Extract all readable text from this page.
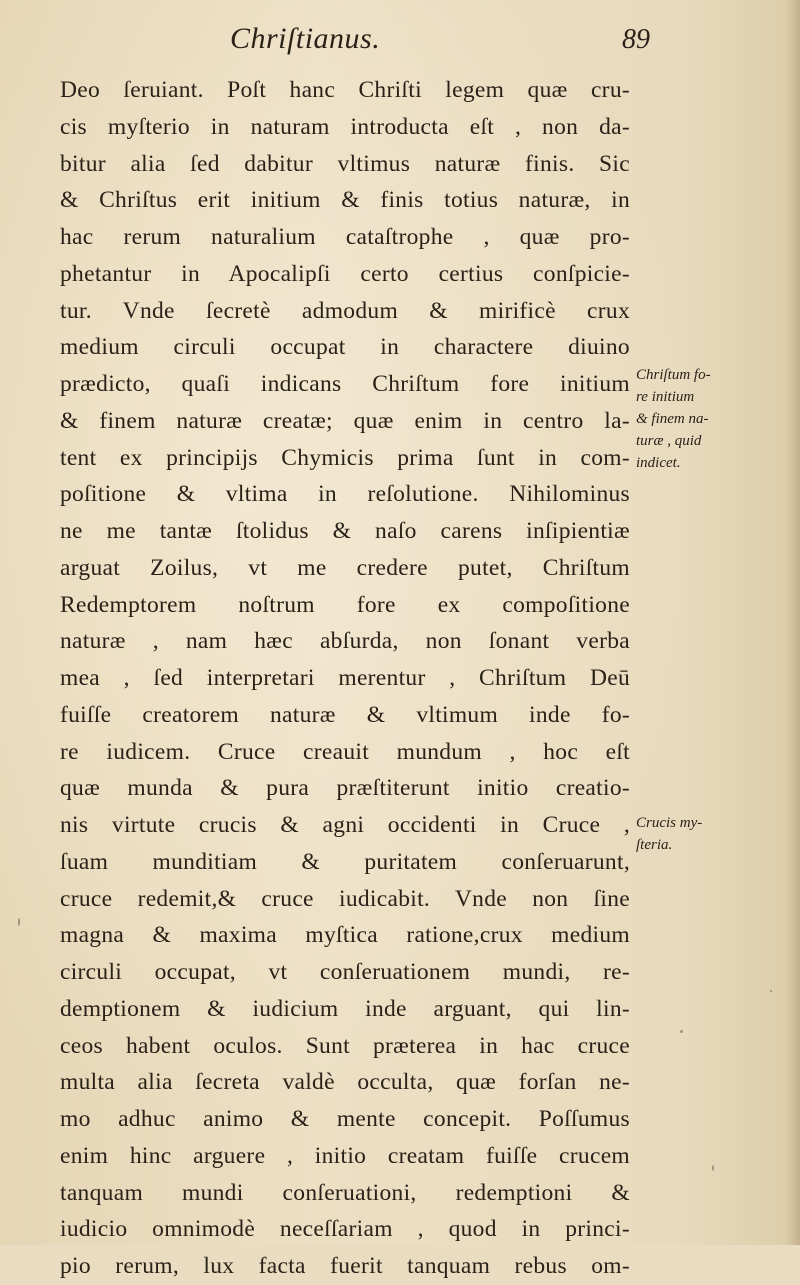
Chriſtianus.	89
Deo ſeruiant. Poſt hanc Chriſti legem quæ cru-
cis myſterio in naturam introducta eſt , non da-
bitur alia ſed dabitur vltimus naturæ finis. Sic
& Chriſtus erit initium & finis totius naturæ, in
hac rerum naturalium cataſtrophe , quæ pro-
phetantur in Apocalipſi certo certius conſpicie-
tur. Vnde ſecretè admodum & mirificè crux
medium circuli occupat in charactere diuino
prædicto, quaſi indicans Chriſtum fore initium
& finem naturæ creatæ; quæ enim in centro la-
tent ex principijs Chymicis prima ſunt in com-
poſitione & vltima in reſolutione. Nihilominus
ne me tantæ ſtolidus & naſo carens inſipientiæ
arguat Zoilus, vt me credere putet, Chriſtum
Redemptorem noſtrum fore ex compoſitione
naturæ , nam hæc abſurda, non ſonant verba
mea , ſed interpretari merentur , Chriſtum Deū
fuiſſe creatorem naturæ & vltimum inde fo-
re iudicem. Cruce creauit mundum , hoc eſt
quæ munda & pura præſtiterunt initio creatio-
nis virtute crucis & agni occidenti in Cruce ,
ſuam munditiam & puritatem conſeruarunt,
cruce redemit,& cruce iudicabit. Vnde non ſine
magna & maxima myſtica ratione,crux medium
circuli occupat, vt conſeruationem mundi, re-
demptionem & iudicium inde arguant, qui lin-
ceos habent oculos. Sunt præterea in hac cruce
multa alia ſecreta valdè occulta, quæ forſan ne-
mo adhuc animo & mente concepit. Poſſumus
enim hinc arguere , initio creatam fuiſſe crucem
tanquam mundi conſeruationi, redemptioni &
iudicio omnimodè neceſſariam , quod in princi-
pio rerum, lux facta fuerit tanquam rebus om-
Chriſtum fo-
re initium
& finem na-
turæ , quid
indicet.
Crucis my-
ſteria.
